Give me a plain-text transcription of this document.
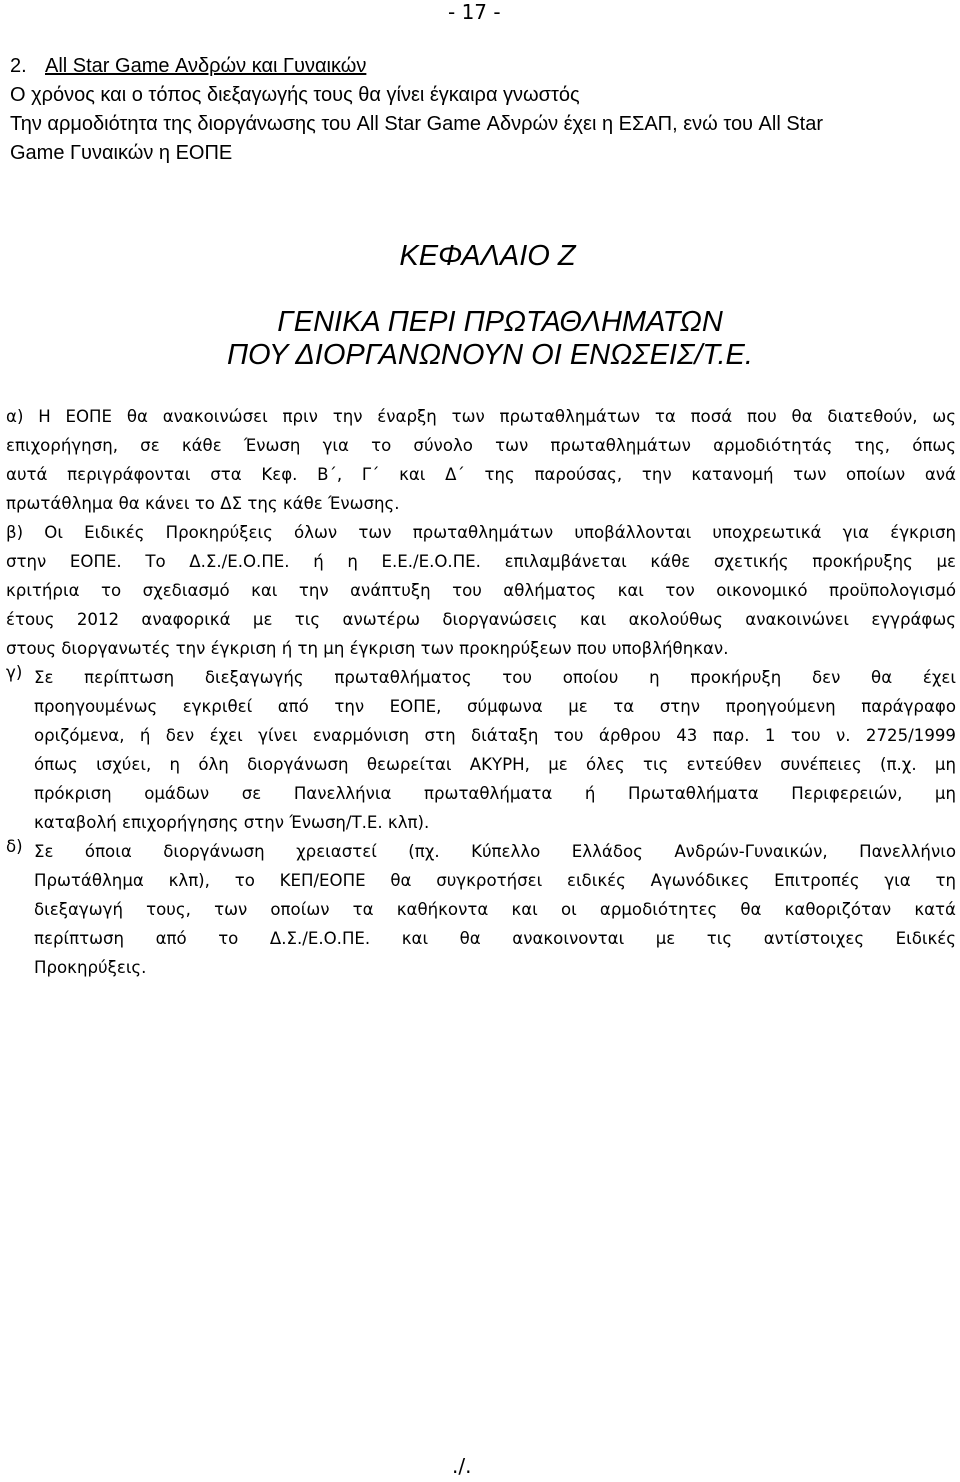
- 17 -
2. All Star Game Ανδρών και Γυναικών
Ο χρόνος και ο τόπος διεξαγωγής τους θα γίνει έγκαιρα γνωστός
Την αρμοδιότητα της διοργάνωσης του All Star Game Αδνρών έχει η ΕΣΑΠ, ενώ του All Star
Game Γυναικών η ΕΟΠΕ
ΚΕΦΑΛΑΙΟ Ζ
ΓΕΝΙΚΑ ΠΕΡΙ ΠΡΩΤΑΘΛΗΜΑΤΩΝ
ΠΟΥ ΔΙΟΡΓΑΝΩΝΟΥΝ ΟΙ ΕΝΩΣΕΙΣ/Τ.Ε.
α) Η ΕΟΠΕ θα ανακοινώσει πριν την έναρξη των πρωταθλημάτων τα ποσά που θα διατεθούν, ως
επιχορήγηση, σε κάθε Ένωση για το σύνολο των πρωταθλημάτων αρμοδιότητάς της, όπως
αυτά περιγράφονται στα Κεφ. Β΄, Γ΄ και Δ΄ της παρούσας, την κατανομή των οποίων ανά
πρωτάθλημα θα κάνει το ΔΣ της κάθε Ένωσης.
β) Οι Ειδικές Προκηρύξεις όλων των πρωταθλημάτων υποβάλλονται υποχρεωτικά για έγκριση
στην ΕΟΠΕ. Το Δ.Σ./Ε.Ο.ΠΕ. ή η Ε.Ε./Ε.Ο.ΠΕ. επιλαμβάνεται κάθε σχετικής προκήρυξης με
κριτήρια το σχεδιασμό και την ανάπτυξη του αθλήματος και τον οικονομικό προϋπολογισμό
έτους 2012 αναφορικά με τις ανωτέρω διοργανώσεις και ακολούθως ανακοινώνει εγγράφως
στους διοργανωτές την έγκριση ή τη μη έγκριση των προκηρύξεων που υποβλήθηκαν.
γ) Σε περίπτωση διεξαγωγής πρωταθλήματος του οποίου η προκήρυξη δεν θα έχει
προηγουμένως εγκριθεί από την ΕΟΠΕ, σύμφωνα με τα στην προηγούμενη παράγραφο
οριζόμενα, ή δεν έχει γίνει εναρμόνιση στη διάταξη του άρθρου 43 παρ. 1 του ν. 2725/1999
όπως ισχύει, η όλη διοργάνωση θεωρείται ΑΚΥΡΗ, με όλες τις εντεύθεν συνέπειες (π.χ. μη
πρόκριση ομάδων σε Πανελλήνια πρωταθλήματα ή Πρωταθλήματα Περιφερειών, μη
καταβολή επιχορήγησης στην Ένωση/Τ.Ε. κλπ).
δ) Σε όποια διοργάνωση χρειαστεί (πχ. Κύπελλο Ελλάδος Ανδρών-Γυναικών, Πανελλήνιο
Πρωτάθλημα κλπ), το ΚΕΠ/ΕΟΠΕ θα συγκροτήσει ειδικές Αγωνόδικες Επιτροπές για τη
διεξαγωγή τους, των οποίων τα καθήκοντα και οι αρμοδιότητες θα καθοριζόταν κατά
περίπτωση από το Δ.Σ./Ε.Ο.ΠΕ. και θα ανακοινονται με τις αντίστοιχες Ειδικές
Προκηρύξεις.
./.
